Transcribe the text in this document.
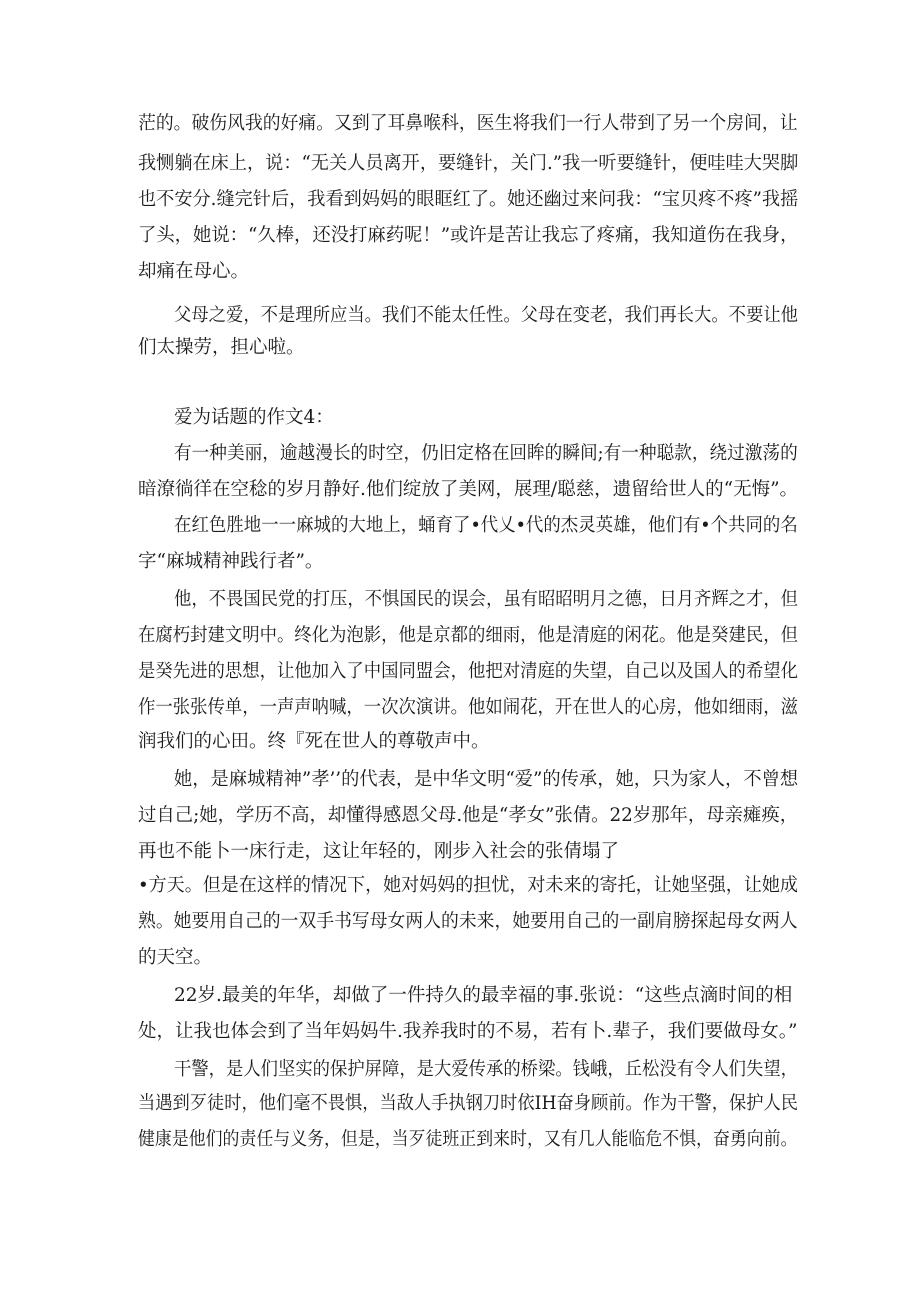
茫的。破伤风我的好痛。又到了耳鼻喉科，医生将我们一行人带到了另一个房间，让
我恻躺在床上，说：“无关人员离开，要缝针，关门.”我一听要缝针，便哇哇大哭脚
也不安分.缝完针后，我看到妈妈的眼眶红了。她还幽过来问我：“宝贝疼不疼”我摇
了头，她说：“久棒，还没打麻药呢！”或许是苦让我忘了疼痛，我知道伤在我身，
却痛在母心。
父母之爱，不是理所应当。我们不能太任性。父母在变老，我们再长大。不要让他
们太操劳，担心啦。
爱为话题的作文4：
有一种美丽，逾越漫长的时空，仍旧定格在回眸的瞬间;有一种聪款，绕过激荡的
暗潦徜徉在空稔的岁月静好.他们绽放了美网，展理/聪慈，遗留给世人的“无悔”。
在红色胜地一一麻城的大地上，蛹育了•代乂•代的杰灵英雄，他们有•个共同的名
字“麻城精神践行者”。
他，不畏国民党的打压，不惧国民的误会，虽有昭昭明月之德，日月齐辉之才，但
在腐朽封建文明中。终化为泡影，他是京都的细雨，他是清庭的闲花。他是癸建民，但
是癸先进的思想，让他加入了中国同盟会，他把对清庭的失望，自己以及国人的希望化
作一张张传单，一声声呐喊，一次次演讲。他如闹花，开在世人的心房，他如细雨，滋
润我们的心田。终『死在世人的尊敬声中。
她，是麻城精神”孝’’的代表，是中华文明“爱”的传承，她，只为家人，不曾想
过自己;她，学历不高，却懂得感恩父母.他是“孝女”张倩。22岁那年，母亲瘫痪，
再也不能卜一床行走，这让年轻的，刚步入社会的张倩塌了
•方天。但是在这样的情况下，她对妈妈的担忧，对未来的寄托，让她坚强，让她成
熟。她要用自己的一双手书写母女两人的未来，她要用自己的一副肩膀探起母女两人
的天空。
22岁.最美的年华，却做了一件持久的最幸福的事.张说：“这些点滴时间的相
处，让我也体会到了当年妈妈牛.我养我时的不易，若有卜.辈子，我们要做母女。”
干警，是人们坚实的保护屏障，是大爱传承的桥梁。钱峨，丘松没有令人们失望，
当遇到歹徒时，他们毫不畏惧，当敌人手执钢刀时依IH奋身顾前。作为干警，保护人民
健康是他们的责任与义务，但是，当歹徒班正到来时，又有几人能临危不惧，奋勇向前。
